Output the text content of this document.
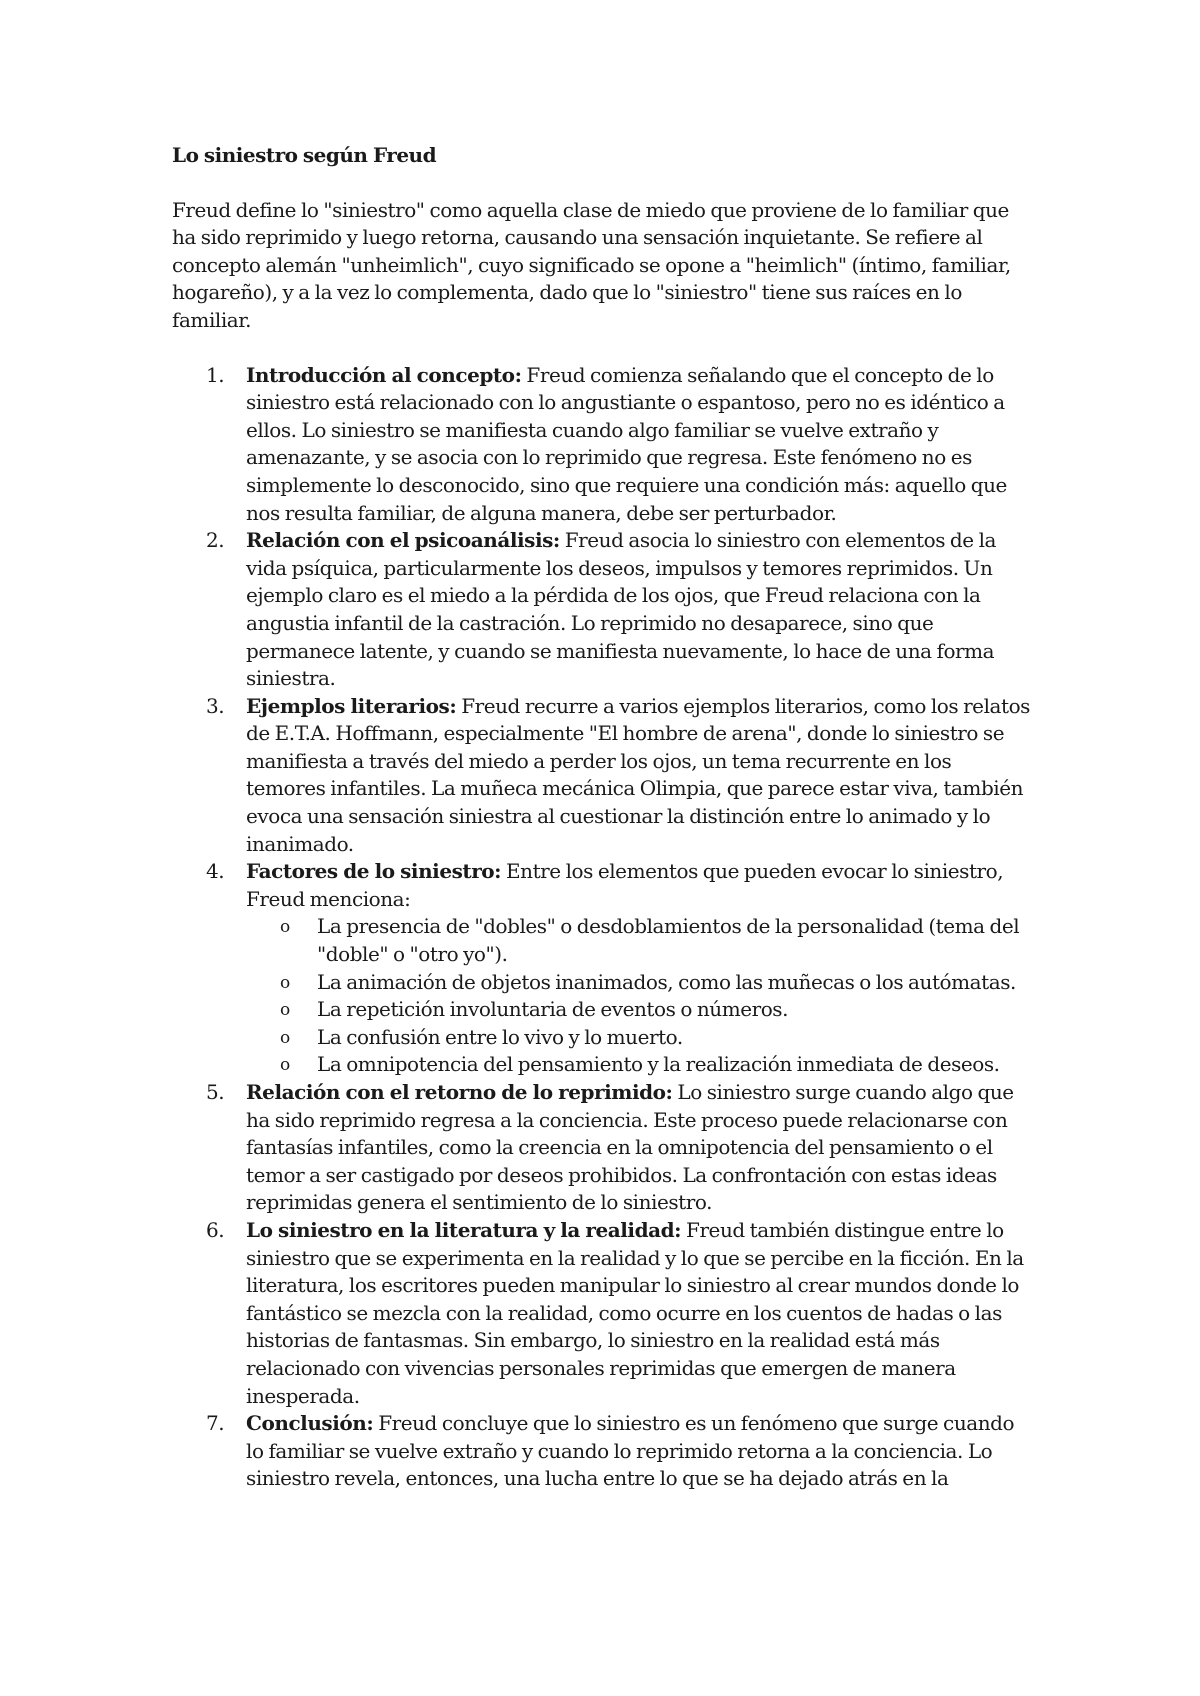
Lo siniestro según Freud

Freud define lo "siniestro" como aquella clase de miedo que proviene de lo familiar que ha sido reprimido y luego retorna, causando una sensación inquietante. Se refiere al concepto alemán "unheimlich", cuyo significado se opone a "heimlich" (íntimo, familiar, hogareño), y a la vez lo complementa, dado que lo "siniestro" tiene sus raíces en lo familiar.

1. Introducción al concepto: Freud comienza señalando que el concepto de lo siniestro está relacionado con lo angustiante o espantoso, pero no es idéntico a ellos. Lo siniestro se manifiesta cuando algo familiar se vuelve extraño y amenazante, y se asocia con lo reprimido que regresa. Este fenómeno no es simplemente lo desconocido, sino que requiere una condición más: aquello que nos resulta familiar, de alguna manera, debe ser perturbador.
2. Relación con el psicoanálisis: Freud asocia lo siniestro con elementos de la vida psíquica, particularmente los deseos, impulsos y temores reprimidos. Un ejemplo claro es el miedo a la pérdida de los ojos, que Freud relaciona con la angustia infantil de la castración. Lo reprimido no desaparece, sino que permanece latente, y cuando se manifiesta nuevamente, lo hace de una forma siniestra.
3. Ejemplos literarios: Freud recurre a varios ejemplos literarios, como los relatos de E.T.A. Hoffmann, especialmente "El hombre de arena", donde lo siniestro se manifiesta a través del miedo a perder los ojos, un tema recurrente en los temores infantiles. La muñeca mecánica Olimpia, que parece estar viva, también evoca una sensación siniestra al cuestionar la distinción entre lo animado y lo inanimado.
4. Factores de lo siniestro: Entre los elementos que pueden evocar lo siniestro, Freud menciona:
o La presencia de "dobles" o desdoblamientos de la personalidad (tema del "doble" o "otro yo").
o La animación de objetos inanimados, como las muñecas o los autómatas.
o La repetición involuntaria de eventos o números.
o La confusión entre lo vivo y lo muerto.
o La omnipotencia del pensamiento y la realización inmediata de deseos.
5. Relación con el retorno de lo reprimido: Lo siniestro surge cuando algo que ha sido reprimido regresa a la conciencia. Este proceso puede relacionarse con fantasías infantiles, como la creencia en la omnipotencia del pensamiento o el temor a ser castigado por deseos prohibidos. La confrontación con estas ideas reprimidas genera el sentimiento de lo siniestro.
6. Lo siniestro en la literatura y la realidad: Freud también distingue entre lo siniestro que se experimenta en la realidad y lo que se percibe en la ficción. En la literatura, los escritores pueden manipular lo siniestro al crear mundos donde lo fantástico se mezcla con la realidad, como ocurre en los cuentos de hadas o las historias de fantasmas. Sin embargo, lo siniestro en la realidad está más relacionado con vivencias personales reprimidas que emergen de manera inesperada.
7. Conclusión: Freud concluye que lo siniestro es un fenómeno que surge cuando lo familiar se vuelve extraño y cuando lo reprimido retorna a la conciencia. Lo siniestro revela, entonces, una lucha entre lo que se ha dejado atrás en la
